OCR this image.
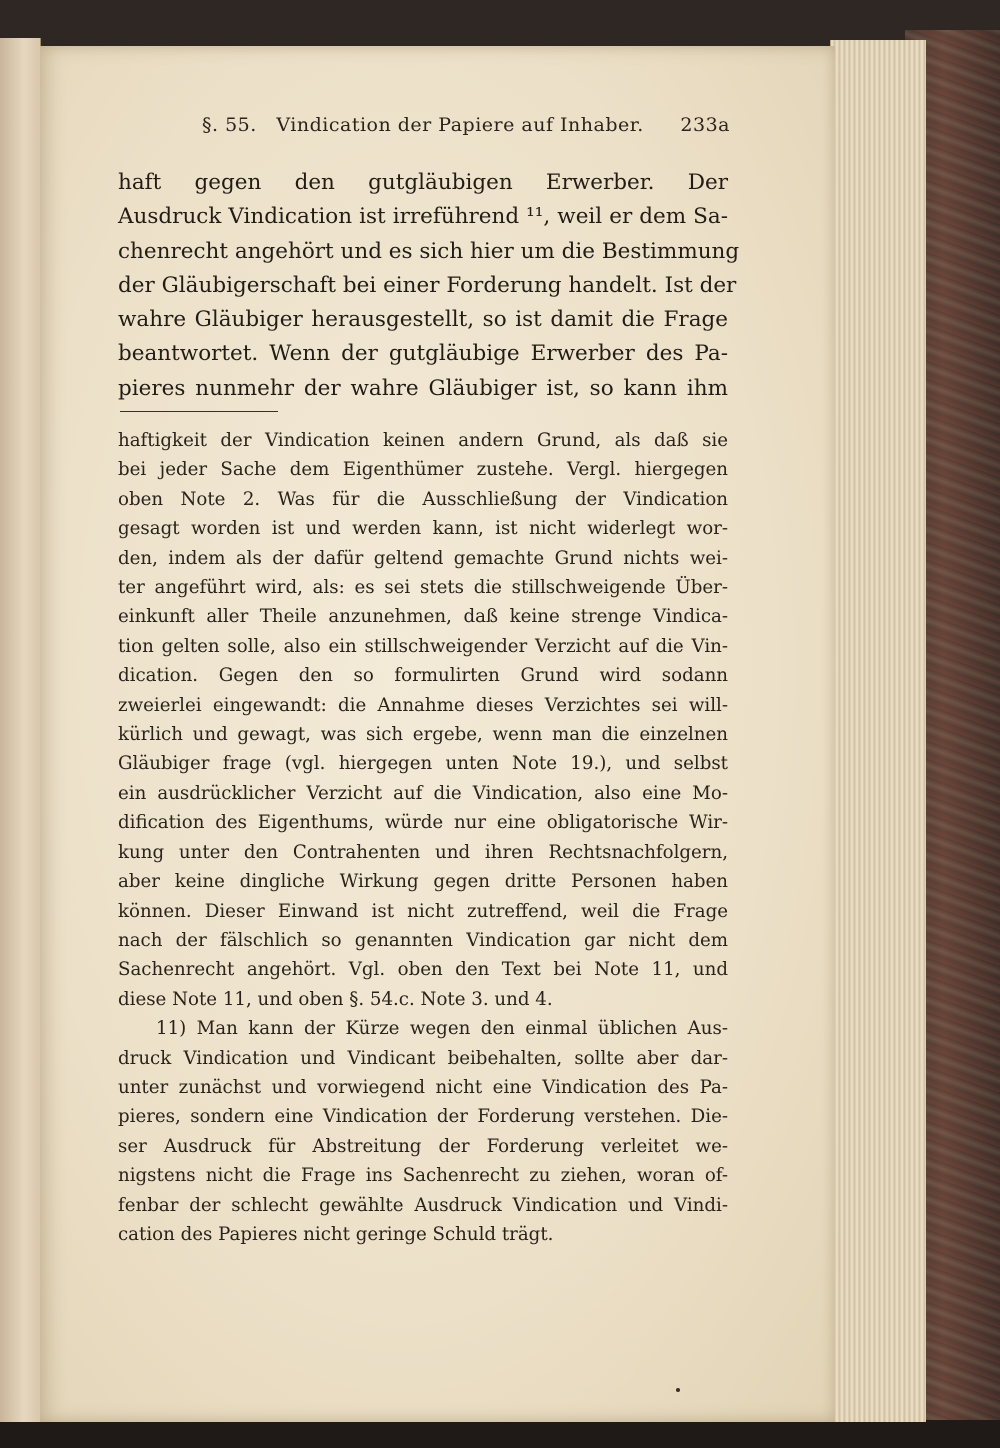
§. 55. Vindication der Papiere auf Inhaber. 233a
haft gegen den gutgläubigen Erwerber. Der
Ausdruck Vindication ist irreführend ¹¹, weil er dem Sa-
chenrecht angehört und es sich hier um die Bestimmung
der Gläubigerschaft bei einer Forderung handelt. Ist der
wahre Gläubiger herausgestellt, so ist damit die Frage
beantwortet. Wenn der gutgläubige Erwerber des Pa-
pieres nunmehr der wahre Gläubiger ist, so kann ihm
haftigkeit der Vindication keinen andern Grund, als daß sie
bei jeder Sache dem Eigenthümer zustehe. Vergl. hiergegen
oben Note 2. Was für die Ausschließung der Vindication
gesagt worden ist und werden kann, ist nicht widerlegt wor-
den, indem als der dafür geltend gemachte Grund nichts wei-
ter angeführt wird, als: es sei stets die stillschweigende Über-
einkunft aller Theile anzunehmen, daß keine strenge Vindica-
tion gelten solle, also ein stillschweigender Verzicht auf die Vin-
dication. Gegen den so formulirten Grund wird sodann
zweierlei eingewandt: die Annahme dieses Verzichtes sei will-
kürlich und gewagt, was sich ergebe, wenn man die einzelnen
Gläubiger frage (vgl. hiergegen unten Note 19.), und selbst
ein ausdrücklicher Verzicht auf die Vindication, also eine Mo-
dification des Eigenthums, würde nur eine obligatorische Wir-
kung unter den Contrahenten und ihren Rechtsnachfolgern,
aber keine dingliche Wirkung gegen dritte Personen haben
können. Dieser Einwand ist nicht zutreffend, weil die Frage
nach der fälschlich so genannten Vindication gar nicht dem
Sachenrecht angehört. Vgl. oben den Text bei Note 11, und
diese Note 11, und oben §. 54.c. Note 3. und 4.
11) Man kann der Kürze wegen den einmal üblichen Aus-
druck Vindication und Vindicant beibehalten, sollte aber dar-
unter zunächst und vorwiegend nicht eine Vindication des Pa-
pieres, sondern eine Vindication der Forderung verstehen. Die-
ser Ausdruck für Abstreitung der Forderung verleitet we-
nigstens nicht die Frage ins Sachenrecht zu ziehen, woran of-
fenbar der schlecht gewählte Ausdruck Vindication und Vindi-
cation des Papieres nicht geringe Schuld trägt.
